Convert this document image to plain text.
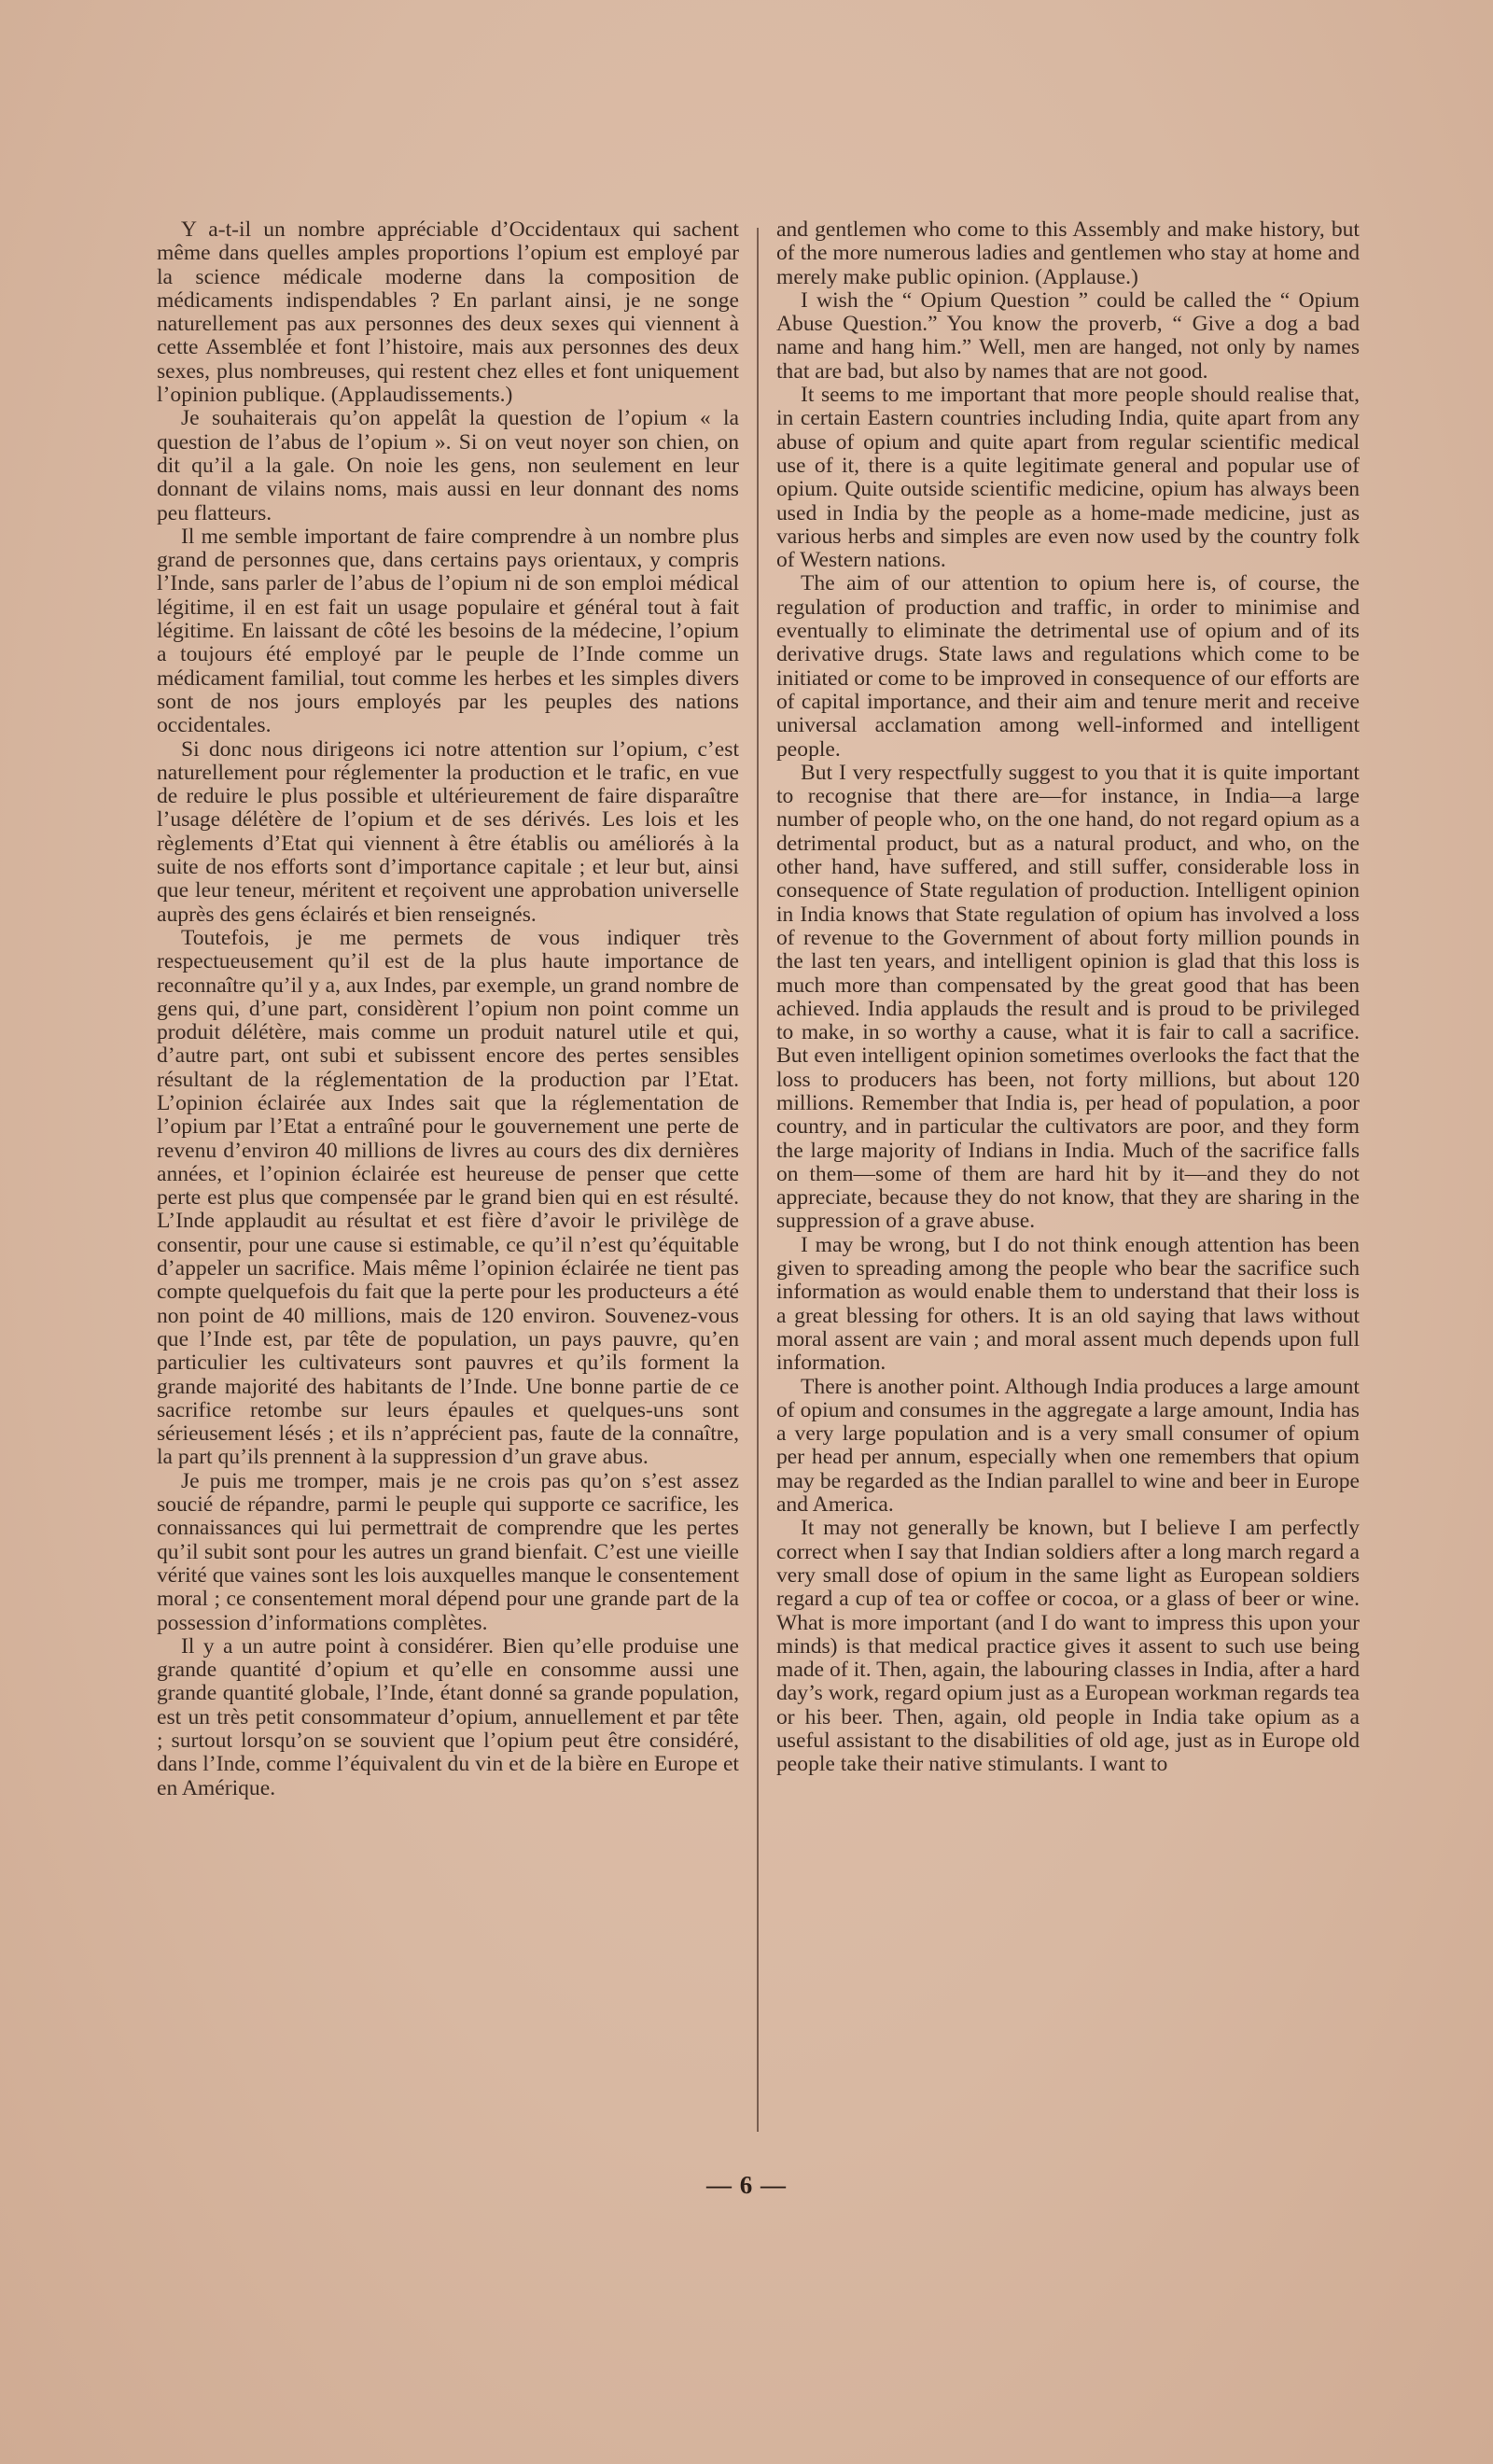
Y a-t-il un nombre appréciable d’Occidentaux qui sachent même dans quelles amples proportions l’opium est employé par la science médicale moderne dans la composition de médicaments indispendables ? En parlant ainsi, je ne songe naturellement pas aux personnes des deux sexes qui viennent à cette Assemblée et font l’histoire, mais aux personnes des deux sexes, plus nombreuses, qui restent chez elles et font uniquement l’opinion publique. (Applaudissements.)

Je souhaiterais qu’on appelât la question de l’opium « la question de l’abus de l’opium ». Si on veut noyer son chien, on dit qu’il a la gale. On noie les gens, non seulement en leur donnant de vilains noms, mais aussi en leur donnant des noms peu flatteurs.

Il me semble important de faire comprendre à un nombre plus grand de personnes que, dans certains pays orientaux, y compris l’Inde, sans parler de l’abus de l’opium ni de son emploi médical légitime, il en est fait un usage populaire et général tout à fait légitime. En laissant de côté les besoins de la médecine, l’opium a toujours été employé par le peuple de l’Inde comme un médicament familial, tout comme les herbes et les simples divers sont de nos jours employés par les peuples des nations occidentales.

Si donc nous dirigeons ici notre attention sur l’opium, c’est naturellement pour réglementer la production et le trafic, en vue de reduire le plus possible et ultérieurement de faire disparaître l’usage délétère de l’opium et de ses dérivés. Les lois et les règlements d’Etat qui viennent à être établis ou améliorés à la suite de nos efforts sont d’importance capitale ; et leur but, ainsi que leur teneur, méritent et reçoivent une approbation universelle auprès des gens éclairés et bien renseignés.

Toutefois, je me permets de vous indiquer très respectueusement qu’il est de la plus haute importance de reconnaître qu’il y a, aux Indes, par exemple, un grand nombre de gens qui, d’une part, considèrent l’opium non point comme un produit délétère, mais comme un produit naturel utile et qui, d’autre part, ont subi et subissent encore des pertes sensibles résultant de la réglementation de la production par l’Etat. L’opinion éclairée aux Indes sait que la réglementation de l’opium par l’Etat a entraîné pour le gouvernement une perte de revenu d’environ 40 millions de livres au cours des dix dernières années, et l’opinion éclairée est heureuse de penser que cette perte est plus que compensée par le grand bien qui en est résulté. L’Inde applaudit au résultat et est fière d’avoir le privilège de consentir, pour une cause si estimable, ce qu’il n’est qu’équitable d’appeler un sacrifice. Mais même l’opinion éclairée ne tient pas compte quelquefois du fait que la perte pour les producteurs a été non point de 40 millions, mais de 120 environ. Souvenez-vous que l’Inde est, par tête de population, un pays pauvre, qu’en particulier les cultivateurs sont pauvres et qu’ils forment la grande majorité des habitants de l’Inde. Une bonne partie de ce sacrifice retombe sur leurs épaules et quelques-uns sont sérieusement lésés ; et ils n’apprécient pas, faute de la connaître, la part qu’ils prennent à la suppression d’un grave abus.

Je puis me tromper, mais je ne crois pas qu’on s’est assez soucié de répandre, parmi le peuple qui supporte ce sacrifice, les connaissances qui lui permettrait de comprendre que les pertes qu’il subit sont pour les autres un grand bienfait. C’est une vieille vérité que vaines sont les lois auxquelles manque le consentement moral ; ce consentement moral dépend pour une grande part de la possession d’informations complètes.

Il y a un autre point à considérer. Bien qu’elle produise une grande quantité d’opium et qu’elle en consomme aussi une grande quantité globale, l’Inde, étant donné sa grande population, est un très petit consommateur d’opium, annuellement et par tête ; surtout lorsqu’on se souvient que l’opium peut être considéré, dans l’Inde, comme l’équivalent du vin et de la bière en Europe et en Amérique.

and gentlemen who come to this Assembly and make history, but of the more numerous ladies and gentlemen who stay at home and merely make public opinion. (Applause.)

I wish the “ Opium Question ” could be called the “ Opium Abuse Question.” You know the proverb, “ Give a dog a bad name and hang him.” Well, men are hanged, not only by names that are bad, but also by names that are not good.

It seems to me important that more people should realise that, in certain Eastern countries including India, quite apart from any abuse of opium and quite apart from regular scientific medical use of it, there is a quite legitimate general and popular use of opium. Quite outside scientific medicine, opium has always been used in India by the people as a home-made medicine, just as various herbs and simples are even now used by the country folk of Western nations.

The aim of our attention to opium here is, of course, the regulation of production and traffic, in order to minimise and eventually to eliminate the detrimental use of opium and of its derivative drugs. State laws and regulations which come to be initiated or come to be improved in consequence of our efforts are of capital importance, and their aim and tenure merit and receive universal acclamation among well-informed and intelligent people.

But I very respectfully suggest to you that it is quite important to recognise that there are—for instance, in India—a large number of people who, on the one hand, do not regard opium as a detrimental product, but as a natural product, and who, on the other hand, have suffered, and still suffer, considerable loss in consequence of State regulation of production. Intelligent opinion in India knows that State regulation of opium has involved a loss of revenue to the Government of about forty million pounds in the last ten years, and intelligent opinion is glad that this loss is much more than compensated by the great good that has been achieved. India applauds the result and is proud to be privileged to make, in so worthy a cause, what it is fair to call a sacrifice. But even intelligent opinion sometimes overlooks the fact that the loss to producers has been, not forty millions, but about 120 millions. Remember that India is, per head of population, a poor country, and in particular the cultivators are poor, and they form the large majority of Indians in India. Much of the sacrifice falls on them—some of them are hard hit by it—and they do not appreciate, because they do not know, that they are sharing in the suppression of a grave abuse.

I may be wrong, but I do not think enough attention has been given to spreading among the people who bear the sacrifice such information as would enable them to understand that their loss is a great blessing for others. It is an old saying that laws without moral assent are vain ; and moral assent much depends upon full information.

There is another point. Although India produces a large amount of opium and consumes in the aggregate a large amount, India has a very large population and is a very small consumer of opium per head per annum, especially when one remembers that opium may be regarded as the Indian parallel to wine and beer in Europe and America.

It may not generally be known, but I believe I am perfectly correct when I say that Indian soldiers after a long march regard a very small dose of opium in the same light as European soldiers regard a cup of tea or coffee or cocoa, or a glass of beer or wine. What is more important (and I do want to impress this upon your minds) is that medical practice gives it assent to such use being made of it. Then, again, the labouring classes in India, after a hard day’s work, regard opium just as a European workman regards tea or his beer. Then, again, old people in India take opium as a useful assistant to the disabilities of old age, just as in Europe old people take their native stimulants. I want to

— 6 —
